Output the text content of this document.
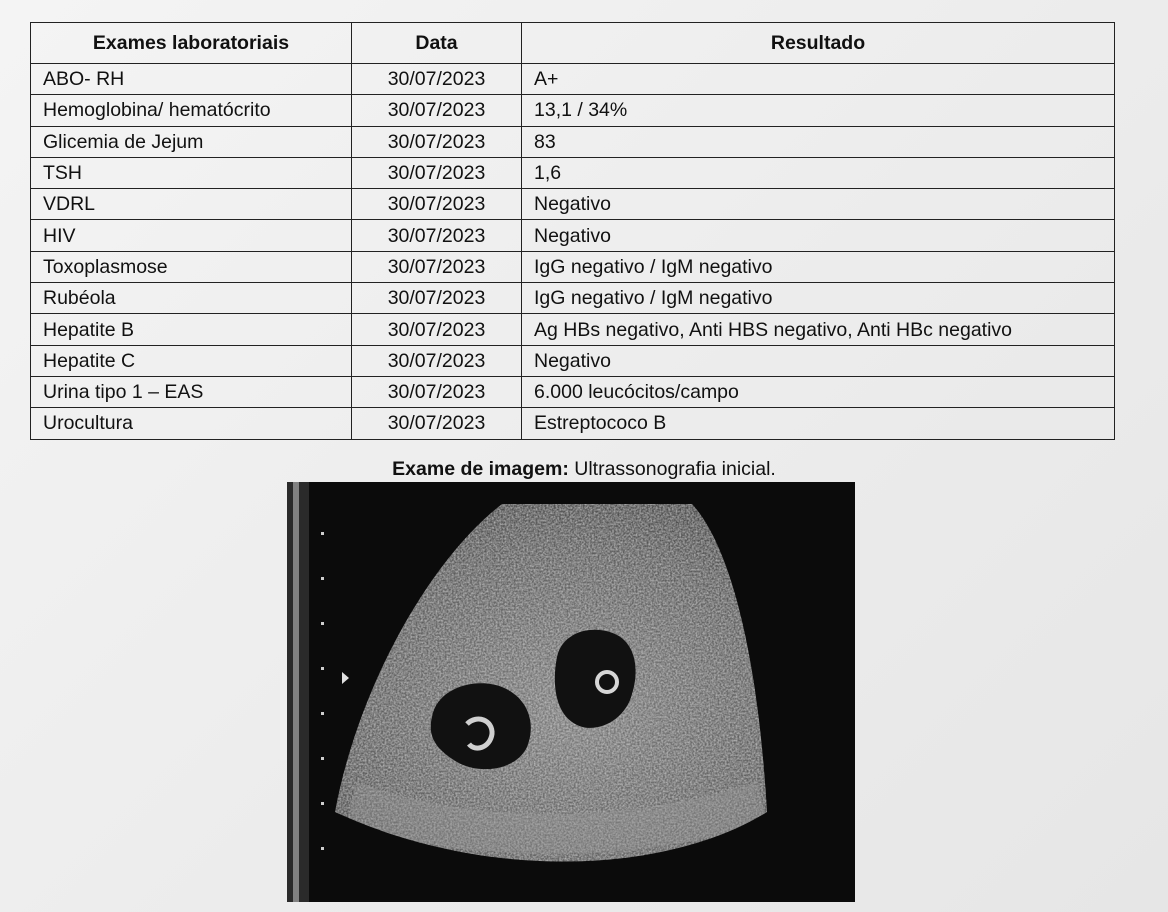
Exames laboratoriais	Data	Resultado
ABO- RH	30/07/2023	A+
Hemoglobina/ hematócrito	30/07/2023	13,1 / 34%
Glicemia de Jejum	30/07/2023	83
TSH	30/07/2023	1,6
VDRL	30/07/2023	Negativo
HIV	30/07/2023	Negativo
Toxoplasmose	30/07/2023	IgG negativo / IgM negativo
Rubéola	30/07/2023	IgG negativo / IgM negativo
Hepatite B	30/07/2023	Ag HBs negativo, Anti HBS negativo, Anti HBc negativo
Hepatite C	30/07/2023	Negativo
Urina tipo 1 – EAS	30/07/2023	6.000 leucócitos/campo
Urocultura	30/07/2023	Estreptococo B
Exame de imagem: Ultrassonografia inicial.
